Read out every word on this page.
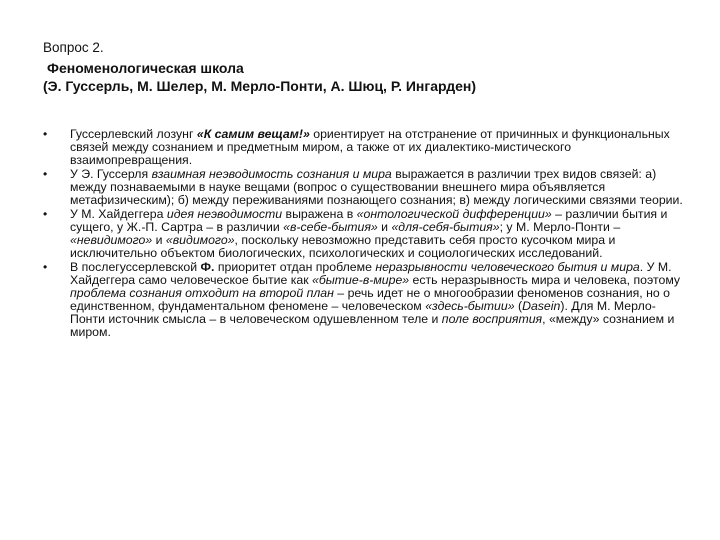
Вопрос 2.
Феноменологическая школа
(Э. Гуссерль, М. Шелер, М. Мерло-Понти, А. Шюц, Р. Ингарден)
• Гуссерлевский лозунг «К самим вещам!» ориентирует на отстранение от причинных и функциональных связей между сознанием и предметным миром, а также от их диалектико-мистического взаимопревращения.
• У Э. Гуссерля взаимная неэводимость сознания и мира выражается в различии трех видов связей: а) между познаваемыми в науке вещами (вопрос о существовании внешнего мира объявляется метафизическим); б) между переживаниями познающего сознания; в) между логическими связями теории.
• У М. Хайдеггера идея неэводимости выражена в «онтологической дифференции» – различии бытия и сущего, у Ж.-П. Сартра – в различии «в-себе-бытия» и «для-себя-бытия»; у М. Мерло-Понти – «невидимого» и «видимого», поскольку невозможно представить себя просто кусочком мира и исключительно объектом биологических, психологических и социологических исследований.
• В послегуссерлевской Ф. приоритет отдан проблеме неразрывности человеческого бытия и мира. У М. Хайдеггера само человеческое бытие как «бытие-в-мире» есть неразрывность мира и человека, поэтому проблема сознания отходит на второй план – речь идет не о многообразии феноменов сознания, но о единственном, фундаментальном феномене – человеческом «здесь-бытии» (Dasein). Для М. Мерло-Понти источник смысла – в человеческом одушевленном теле и поле восприятия, «между» сознанием и миром.
